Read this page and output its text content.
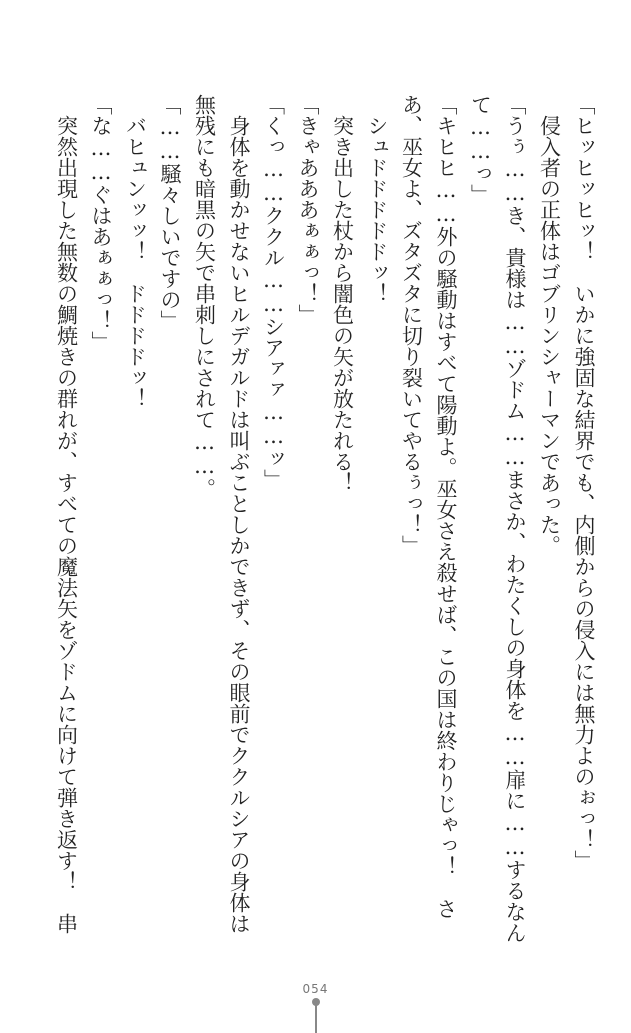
「ヒッヒッヒッ！　いかに強固な結界でも、内側からの侵入には無力よのぉっ！」
侵入者の正体はゴブリンシャーマンであった。
「うぅ……き、貴様は……ゾドム……まさか、わたくしの身体を……扉に……するなん
て……っ」
「キヒヒ……外の騒動はすべて陽動よ。巫女さえ殺せば、この国は終わりじゃっ！　さ
あ、巫女よ、ズタズタに切り裂いてやるぅっ！」
シュドドドドドッ！
突き出した杖から闇色の矢が放たれる！
「きゃあああぁぁっ！」
「くっ……ククル……シアァァ……ッ」
身体を動かせないヒルデガルドは叫ぶことしかできず、その眼前でククルシアの身体は
無残にも暗黒の矢で串刺しにされて……。
「……騒々しいですの」
バヒュンッッ！　ドドドドッ！
「な……ぐはあぁぁっ！」
突然出現した無数の鯛焼きの群れが、すべての魔法矢をゾドムに向けて弾き返す！　串
054
